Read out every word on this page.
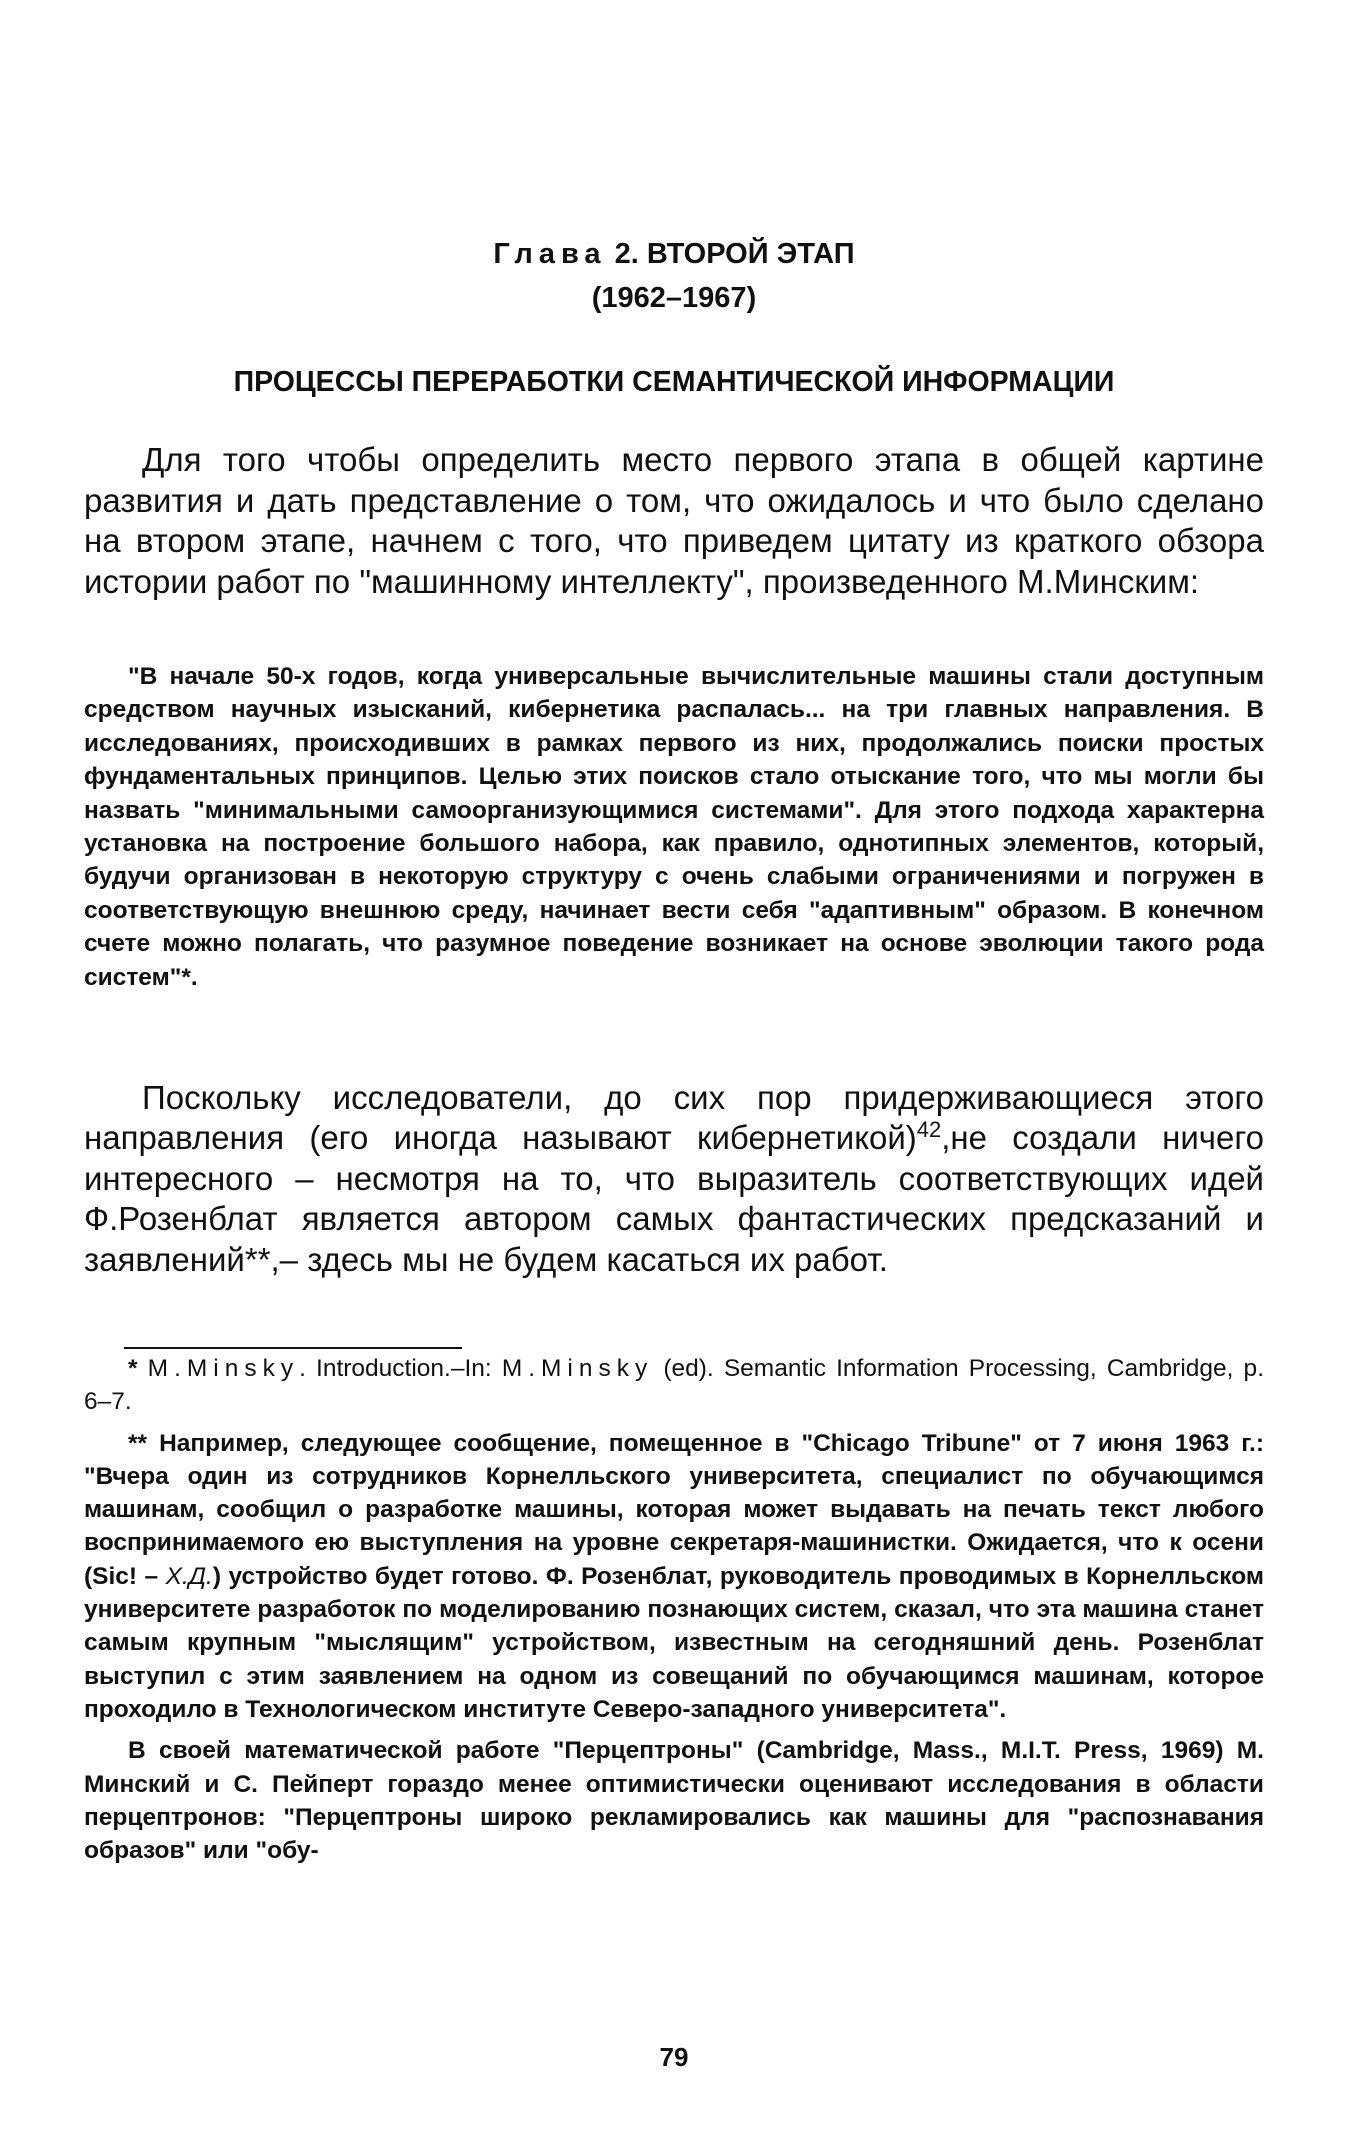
Глава 2. ВТОРОЙ ЭТАП
(1962–1967)
ПРОЦЕССЫ ПЕРЕРАБОТКИ СЕМАНТИЧЕСКОЙ ИНФОРМАЦИИ

Для того чтобы определить место первого этапа в общей картине развития и дать представление о том, что ожидалось и что было сделано на втором этапе, начнем с того, что приведем цитату из краткого обзора истории работ по "машинному интеллекту", произведенного М.Минским:

"В начале 50-х годов, когда универсальные вычислительные машины стали доступным средством научных изысканий, кибернетика распалась... на три главных направления. В исследованиях, происходивших в рамках первого из них, продолжались поиски простых фундаментальных принципов. Целью этих поисков стало отыскание того, что мы могли бы назвать "минимальными самоорганизующимися системами". Для этого подхода характерна установка на построение большого набора, как правило, однотипных элементов, который, будучи организован в некоторую структуру с очень слабыми ограничениями и погружен в соответствующую внешнюю среду, начинает вести себя "адаптивным" образом. В конечном счете можно полагать, что разумное поведение возникает на основе эволюции такого рода систем"*.

Поскольку исследователи, до сих пор придерживающиеся этого направления (его иногда называют кибернетикой)$^{42}$,не создали ничего интересного – несмотря на то, что выразитель соответствующих идей Ф.Розенблат является автором самых фантастических предсказаний и заявлений**,– здесь мы не будем касаться их работ.

* M.Minsky. Introduction.–In: M.Minsky (ed). Semantic Information Processing, Cambridge, p. 6–7.

** Например, следующее сообщение, помещенное в "Chicago Tribune" от 7 июня 1963 г.: "Вчера один из сотрудников Корнелльского университета, специалист по обучающимся машинам, сообщил о разработке машины, которая может выдавать на печать текст любого воспринимаемого ею выступления на уровне секретаря-машинистки. Ожидается, что к осени (Sic! – Х.Д.) устройство будет готово. Ф. Розенблат, руководитель проводимых в Корнелльском университете разработок по моделированию познающих систем, сказал, что эта машина станет самым крупным "мыслящим" устройством, известным на сегодняшний день. Розенблат выступил с этим заявлением на одном из совещаний по обучающимся машинам, которое проходило в Технологическом институте Северо-западного университета".

В своей математической работе "Перцептроны" (Cambridge, Mass., M.I.T. Press, 1969) М. Минский и С. Пейперт гораздо менее оптимистически оценивают исследования в области перцептронов: "Перцептроны широко рекламировались как машины для "распознавания образов" или "обу-

79
